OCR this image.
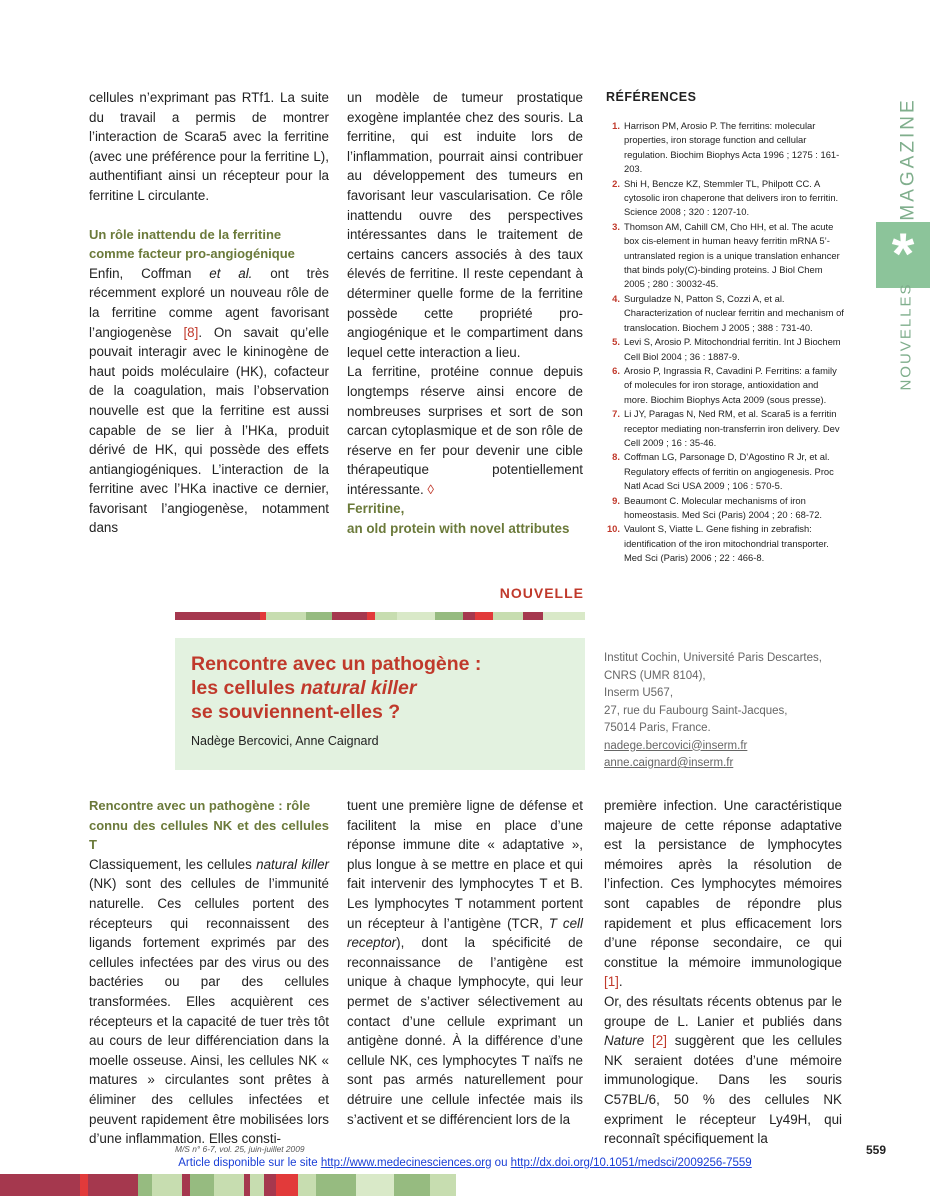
cellules n’exprimant pas RTf1. La suite du travail a permis de montrer l’interaction de Scara5 avec la ferritine (avec une préférence pour la ferritine L), authentifiant ainsi un récepteur pour la ferritine L circulante.

Un rôle inattendu de la ferritine

comme facteur pro-angiogénique

Enfin, Coffman et al. ont très récemment exploré un nouveau rôle de la ferritine comme agent favorisant l’angiogenèse [8]. On savait qu’elle pouvait interagir avec le kininogène de haut poids moléculaire (HK), cofacteur de la coagulation, mais l’observation nouvelle est que la ferritine est aussi capable de se lier à l’HKa, produit dérivé de HK, qui possède des effets antiangiogéniques. L’interaction de la ferritine avec l’HKa inactive ce dernier, favorisant l’angiogenèse, notamment dans

un modèle de tumeur prostatique exogène implantée chez des souris. La ferritine, qui est induite lors de l’inflammation, pourrait ainsi contribuer au développement des tumeurs en favorisant leur vascularisation. Ce rôle inattendu ouvre des perspectives intéressantes dans le traitement de certains cancers associés à des taux élevés de ferritine. Il reste cependant à déterminer quelle forme de la ferritine possède cette propriété pro-angiogénique et le compartiment dans lequel cette interaction a lieu.

La ferritine, protéine connue depuis longtemps réserve ainsi encore de nombreuses surprises et sort de son carcan cytoplasmique et de son rôle de réserve en fer pour devenir une cible thérapeutique potentiellement intéressante. ◊

Ferritine,

an old protein with novel attributes

RÉFÉRENCES
1. Harrison PM, Arosio P. The ferritins: molecular properties, iron storage function and cellular regulation. Biochim Biophys Acta 1996 ; 1275 : 161-203.
2. Shi H, Bencze KZ, Stemmler TL, Philpott CC. A cytosolic iron chaperone that delivers iron to ferritin. Science 2008 ; 320 : 1207-10.
3. Thomson AM, Cahill CM, Cho HH, et al. The acute box cis-element in human heavy ferritin mRNA 5’-untranslated region is a unique translation enhancer that binds poly(C)-binding proteins. J Biol Chem 2005 ; 280 : 30032-45.
4. Surguladze N, Patton S, Cozzi A, et al. Characterization of nuclear ferritin and mechanism of translocation. Biochem J 2005 ; 388 : 731-40.
5. Levi S, Arosio P. Mitochondrial ferritin. Int J Biochem Cell Biol 2004 ; 36 : 1887-9.
6. Arosio P, Ingrassia R, Cavadini P. Ferritins: a family of molecules for iron storage, antioxidation and more. Biochim Biophys Acta 2009 (sous presse).
7. Li JY, Paragas N, Ned RM, et al. Scara5 is a ferritin receptor mediating non-transferrin iron delivery. Dev Cell 2009 ; 16 : 35-46.
8. Coffman LG, Parsonage D, D’Agostino R Jr, et al. Regulatory effects of ferritin on angiogenesis. Proc Natl Acad Sci USA 2009 ; 106 : 570-5.
9. Beaumont C. Molecular mechanisms of iron homeostasis. Med Sci (Paris) 2004 ; 20 : 68-72.
10. Vaulont S, Viatte L. Gene fishing in zebrafish: identification of the iron mitochondrial transporter. Med Sci (Paris) 2006 ; 22 : 466-8.
MAGAZINE
*
NOUVELLES
NOUVELLE
Rencontre avec un pathogène :
les cellules natural killer
se souviennent-elles ?
Nadège Bercovici, Anne Caignard
Institut Cochin, Université Paris Descartes,
CNRS (UMR 8104),
Inserm U567,
27, rue du Faubourg Saint-Jacques,
75014 Paris, France.
nadege.bercovici@inserm.fr
anne.caignard@inserm.fr

Rencontre avec un pathogène : rôle

connu des cellules NK et des cellules T

Classiquement, les cellules natural killer (NK) sont des cellules de l’immunité naturelle. Ces cellules portent des récepteurs qui reconnaissent des ligands fortement exprimés par des cellules infectées par des virus ou des bactéries ou par des cellules transformées. Elles acquièrent ces récepteurs et la capacité de tuer très tôt au cours de leur différenciation dans la moelle osseuse. Ainsi, les cellules NK « matures » circulantes sont prêtes à éliminer des cellules infectées et peuvent rapidement être mobilisées lors d’une inflammation. Elles consti-

tuent une première ligne de défense et facilitent la mise en place d’une réponse immune dite « adaptative », plus longue à se mettre en place et qui fait intervenir des lymphocytes T et B. Les lymphocytes T notamment portent un récepteur à l’antigène (TCR, T cell receptor), dont la spécificité de reconnaissance de l’antigène est unique à chaque lymphocyte, qui leur permet de s’activer sélectivement au contact d’une cellule exprimant un antigène donné. À la différence d’une cellule NK, ces lymphocytes T naïfs ne sont pas armés naturellement pour détruire une cellule infectée mais ils s’activent et se différencient lors de la

première infection. Une caractéristique majeure de cette réponse adaptative est la persistance de lymphocytes mémoires après la résolution de l’infection. Ces lymphocytes mémoires sont capables de répondre plus rapidement et plus efficacement lors d’une réponse secondaire, ce qui constitue la mémoire immunologique [1].

Or, des résultats récents obtenus par le groupe de L. Lanier et publiés dans Nature [2] suggèrent que les cellules NK seraient dotées d’une mémoire immunologique. Dans les souris C57BL/6, 50 % des cellules NK expriment le récepteur Ly49H, qui reconnaît spécifiquement la

M/S n° 6-7, vol. 25, juin-juillet 2009	559
Article disponible sur le site http://www.medecinesciences.org ou http://dx.doi.org/10.1051/medsci/2009256-7559
